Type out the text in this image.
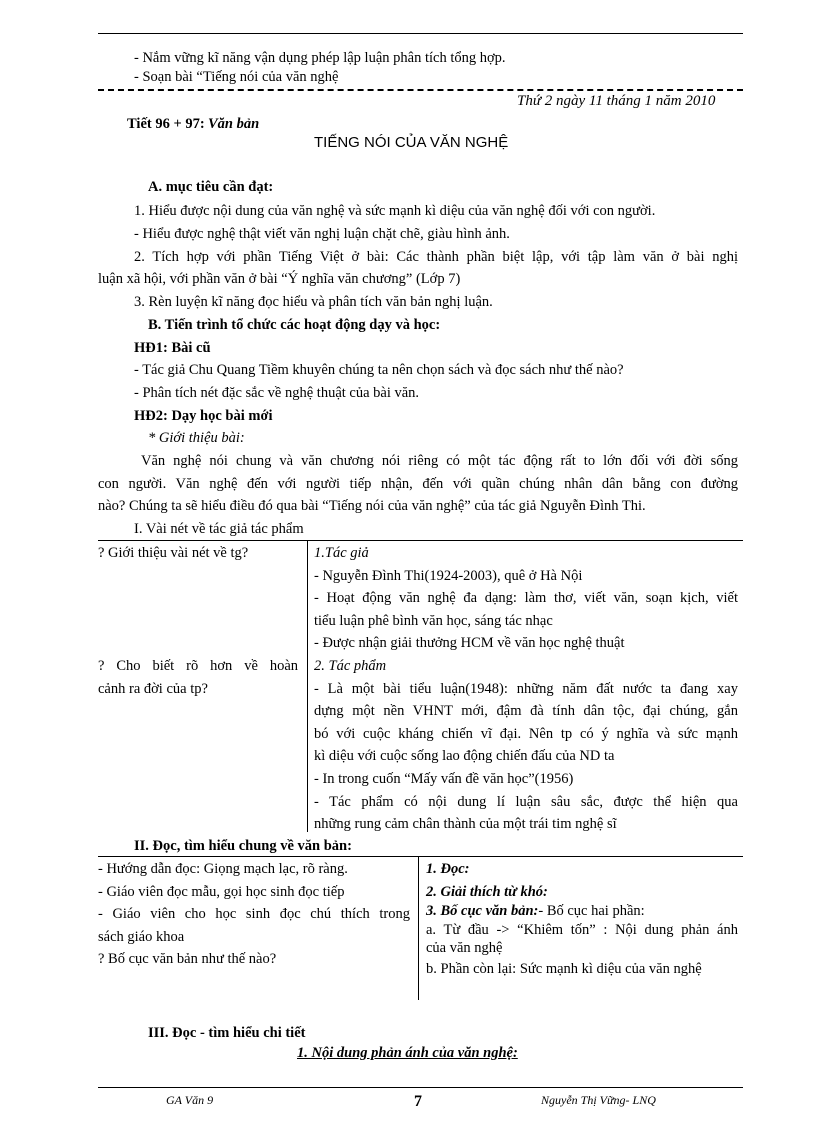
- Nắm vững kĩ năng vận dụng phép lập luận phân tích tổng hợp.
- Soạn bài “Tiếng nói của văn nghệ
Thứ 2 ngày 11 tháng 1 năm 2010
Tiết 96 + 97: Văn bản
TIẾNG NÓI CỦA VĂN NGHỆ
A. mục tiêu cần đạt:
1. Hiểu được nội dung của văn nghệ và sức mạnh kì diệu của văn nghệ đối với con người.
- Hiểu được nghệ thật viết văn nghị luận chặt chẽ, giàu hình ảnh.
2. Tích hợp với phần Tiếng Việt ở bài: Các thành phần biệt lập, với tập làm văn ở bài nghị
luận xã hội, với phần văn ở bài “Ý nghĩa văn chương” (Lớp 7)
3. Rèn luyện kĩ năng đọc hiểu và phân tích văn bản nghị luận.
B. Tiến trình tổ chức các hoạt động dạy và học:
HĐ1: Bài cũ
- Tác giả Chu Quang Tiềm khuyên chúng ta nên chọn sách và đọc sách như thế nào?
- Phân tích nét đặc sắc về nghệ thuật của bài văn.
HĐ2: Dạy học bài mới
* Giới thiệu bài:
Văn nghệ nói chung và văn chương nói riêng có một tác động rất to lớn đối với đời sống
con người. Văn nghệ đến với người tiếp nhận, đến với quần chúng nhân dân bằng con đường
nào? Chúng ta sẽ hiểu điều đó qua bài “Tiếng nói của văn nghệ” của tác giả Nguyễn Đình Thi.
I. Vài nét về tác giả tác phẩm
? Giới thiệu vài nét về tg?
? Cho biết rõ hơn về hoàn
cảnh ra đời của tp?
1.Tác giả
- Nguyễn Đình Thi(1924-2003), quê ở Hà Nội
- Hoạt động văn nghệ đa dạng: làm thơ, viết văn, soạn kịch, viết
tiểu luận phê bình văn học, sáng tác nhạc
- Được nhận giải thưởng HCM về văn học nghệ thuật
2. Tác phẩm
- Là một bài tiểu luận(1948): những năm đất nước ta đang xay
dựng một nền VHNT mới, đậm đà tính dân tộc, đại chúng, gắn
bó với cuộc kháng chiến vĩ đại. Nên tp có ý nghĩa và sức mạnh
kì diệu với cuộc sống lao động chiến đấu của ND ta
- In trong cuốn “Mấy vấn đề văn học”(1956)
- Tác phẩm có nội dung lí luận sâu sắc, được thể hiện qua
những rung cảm chân thành của một trái tim nghệ sĩ
II. Đọc, tìm hiểu chung về văn bản:
- Hướng dẫn đọc: Giọng mạch lạc, rõ ràng.
- Giáo viên đọc mẫu, gọi học sinh đọc tiếp
- Giáo viên cho học sinh đọc chú thích trong
sách giáo khoa
? Bố cục văn bản như thế nào?
1. Đọc:
2. Giải thích từ khó:
3. Bố cục văn bản:- Bố cục hai phần:
a. Từ đầu -> “Khiêm tốn” : Nội dung phản ánh
của văn nghệ
b. Phần còn lại: Sức mạnh kì diệu của văn nghệ
III. Đọc - tìm hiểu chi tiết
1. Nội dung phản ánh của văn nghệ:
GA Văn 9	7	Nguyễn Thị Vững- LNQ
